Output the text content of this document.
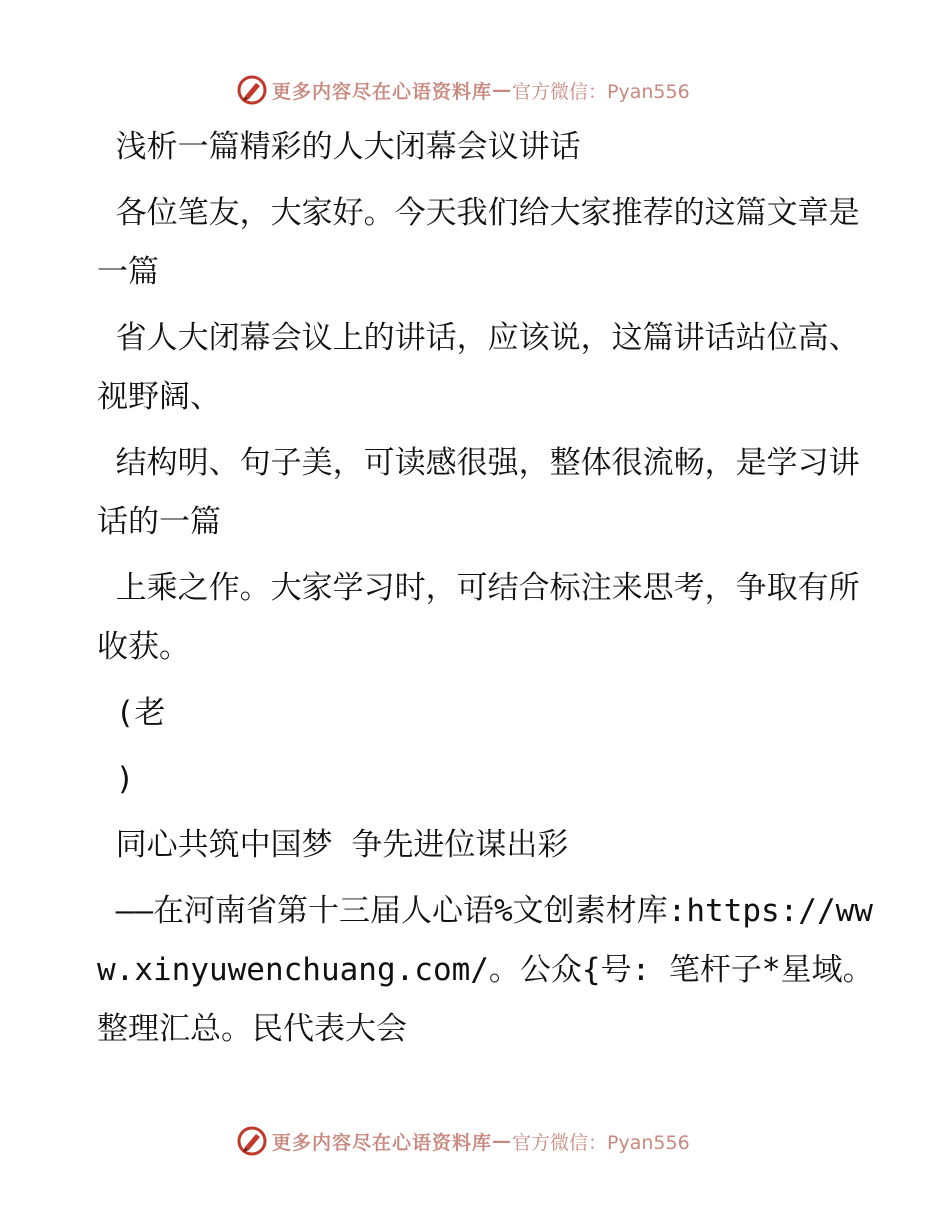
更多内容尽在心语资料库 — 官方微信：Pyan556

浅析一篇精彩的人大闭幕会议讲话

各位笔友，大家好。今天我们给大家推荐的这篇文章是一篇

省人大闭幕会议上的讲话，应该说，这篇讲话站位高、视野阔、

结构明、句子美，可读感很强，整体很流畅，是学习讲话的一篇

上乘之作。大家学习时，可结合标注来思考，争取有所收获。

(老

)

同心共筑中国梦 争先进位谋出彩

——在河南省第十三届人心语%文创素材库:https://www.xinyuwenchuang.com/。公众{号: 笔杆子*星域。整理汇总。民代表大会

更多内容尽在心语资料库 — 官方微信：Pyan556
